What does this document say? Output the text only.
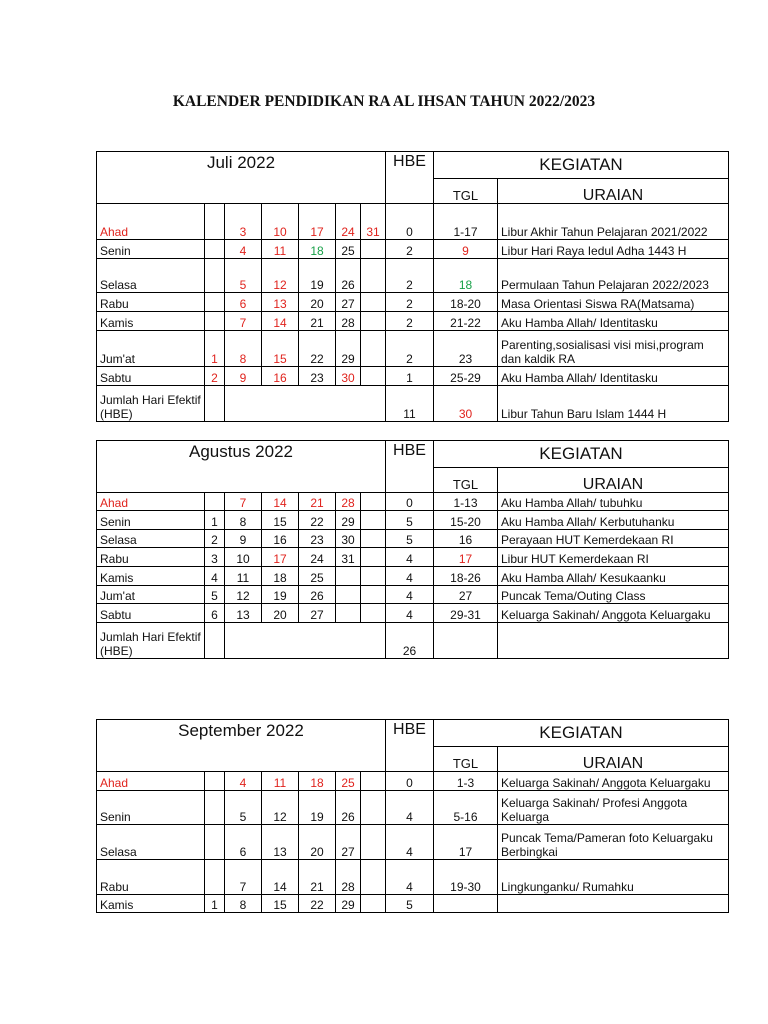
KALENDER PENDIDIKAN RA AL IHSAN TAHUN 2022/2023
Juli 2022							HBE	KEGIATAN	
								TGL	URAIAN
Ahad		3	10	17	24	31	0	1-17	Libur Akhir Tahun Pelajaran 2021/2022
Senin		4	11	18	25		2	9	Libur Hari Raya Iedul Adha 1443 H
Selasa		5	12	19	26		2	18	Permulaan Tahun Pelajaran 2022/2023
Rabu		6	13	20	27		2	18-20	Masa Orientasi Siswa RA(Matsama)
Kamis		7	14	21	28		2	21-22	Aku Hamba Allah/ Identitasku
Jum'at	1	8	15	22	29		2	23	Parenting,sosialisasi visi misi,program dan kaldik RA
Sabtu	2	9	16	23	30		1	25-29	Aku Hamba Allah/ Identitasku
Jumlah Hari Efektif (HBE)							11	30	Libur Tahun Baru Islam 1444 H
Agustus 2022							HBE	KEGIATAN	
								TGL	URAIAN
Ahad		7	14	21	28		0	1-13	Aku Hamba Allah/ tubuhku
Senin	1	8	15	22	29		5	15-20	Aku Hamba Allah/ Kerbutuhanku
Selasa	2	9	16	23	30		5	16	Perayaan HUT Kemerdekaan RI
Rabu	3	10	17	24	31		4	17	Libur HUT Kemerdekaan RI
Kamis	4	11	18	25			4	18-26	Aku Hamba Allah/ Kesukaanku
Jum'at	5	12	19	26			4	27	Puncak Tema/Outing Class
Sabtu	6	13	20	27			4	29-31	Keluarga Sakinah/ Anggota Keluargaku
Jumlah Hari Efektif (HBE)							26		
September 2022							HBE	KEGIATAN	
								TGL	URAIAN
Ahad		4	11	18	25		0	1-3	Keluarga Sakinah/ Anggota Keluargaku
Senin		5	12	19	26		4	5-16	Keluarga Sakinah/ Profesi Anggota Keluarga
Selasa		6	13	20	27		4	17	Puncak Tema/Pameran foto Keluargaku Berbingkai
Rabu		7	14	21	28		4	19-30	Lingkunganku/ Rumahku
Kamis	1	8	15	22	29		5		
